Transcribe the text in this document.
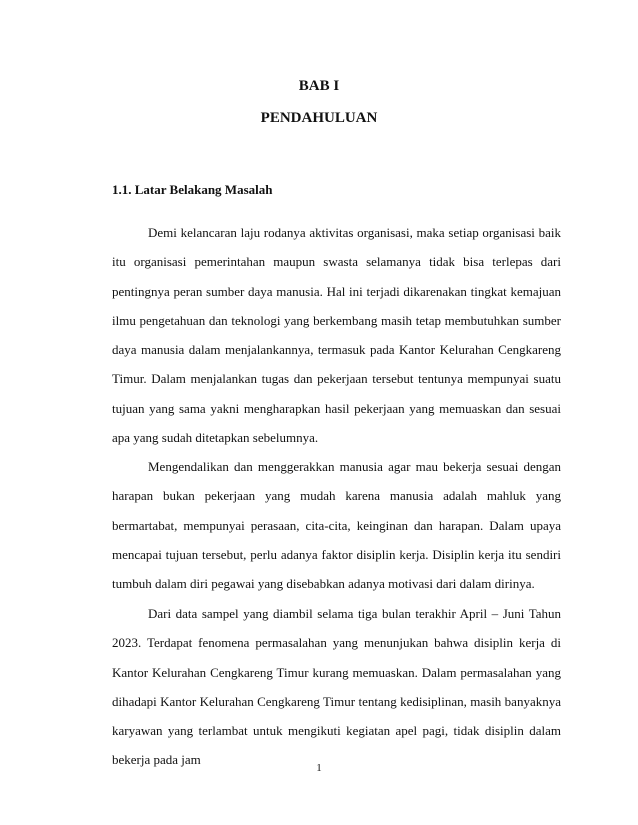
BAB I
PENDAHULUAN
1.1. Latar Belakang Masalah

Demi kelancaran laju rodanya aktivitas organisasi, maka setiap organisasi baik itu organisasi pemerintahan maupun swasta selamanya tidak bisa terlepas dari pentingnya peran sumber daya manusia. Hal ini terjadi dikarenakan tingkat kemajuan ilmu pengetahuan dan teknologi yang berkembang masih tetap membutuhkan sumber daya manusia dalam menjalankannya, termasuk pada Kantor Kelurahan Cengkareng Timur. Dalam menjalankan tugas dan pekerjaan tersebut tentunya mempunyai suatu tujuan yang sama yakni mengharapkan hasil pekerjaan yang memuaskan dan sesuai apa yang sudah ditetapkan sebelumnya.

Mengendalikan dan menggerakkan manusia agar mau bekerja sesuai dengan harapan bukan pekerjaan yang mudah karena manusia adalah mahluk yang bermartabat, mempunyai perasaan, cita-cita, keinginan dan harapan. Dalam upaya mencapai tujuan tersebut, perlu adanya faktor disiplin kerja. Disiplin kerja itu sendiri tumbuh dalam diri pegawai yang disebabkan adanya motivasi dari dalam dirinya.

Dari data sampel yang diambil selama tiga bulan terakhir April – Juni Tahun 2023. Terdapat fenomena permasalahan yang menunjukan bahwa disiplin kerja di Kantor Kelurahan Cengkareng Timur kurang memuaskan. Dalam permasalahan yang dihadapi Kantor Kelurahan Cengkareng Timur tentang kedisiplinan, masih banyaknya karyawan yang terlambat untuk mengikuti kegiatan apel pagi, tidak disiplin dalam bekerja pada jam

1
